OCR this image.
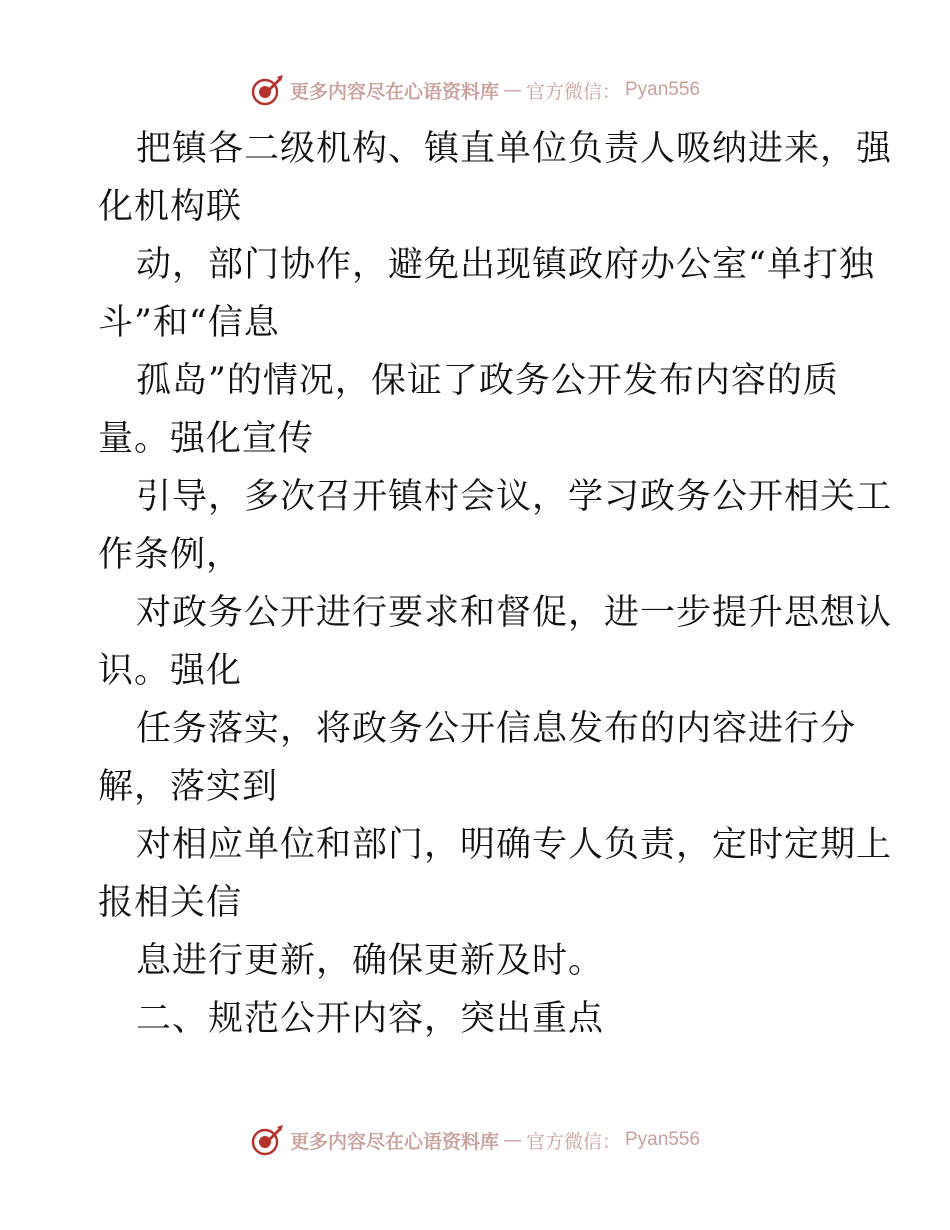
更多内容尽在心语资料库 — 官方微信： Pyan556
把镇各二级机构、镇直单位负责人吸纳进来，强
化机构联
动，部门协作，避免出现镇政府办公室“单打独
斗”和“信息
孤岛”的情况，保证了政务公开发布内容的质
量。强化宣传
引导，多次召开镇村会议，学习政务公开相关工
作条例，
对政务公开进行要求和督促，进一步提升思想认
识。强化
任务落实，将政务公开信息发布的内容进行分
解，落实到
对相应单位和部门，明确专人负责，定时定期上
报相关信
息进行更新，确保更新及时。
二、规范公开内容，突出重点
更多内容尽在心语资料库 — 官方微信： Pyan556
